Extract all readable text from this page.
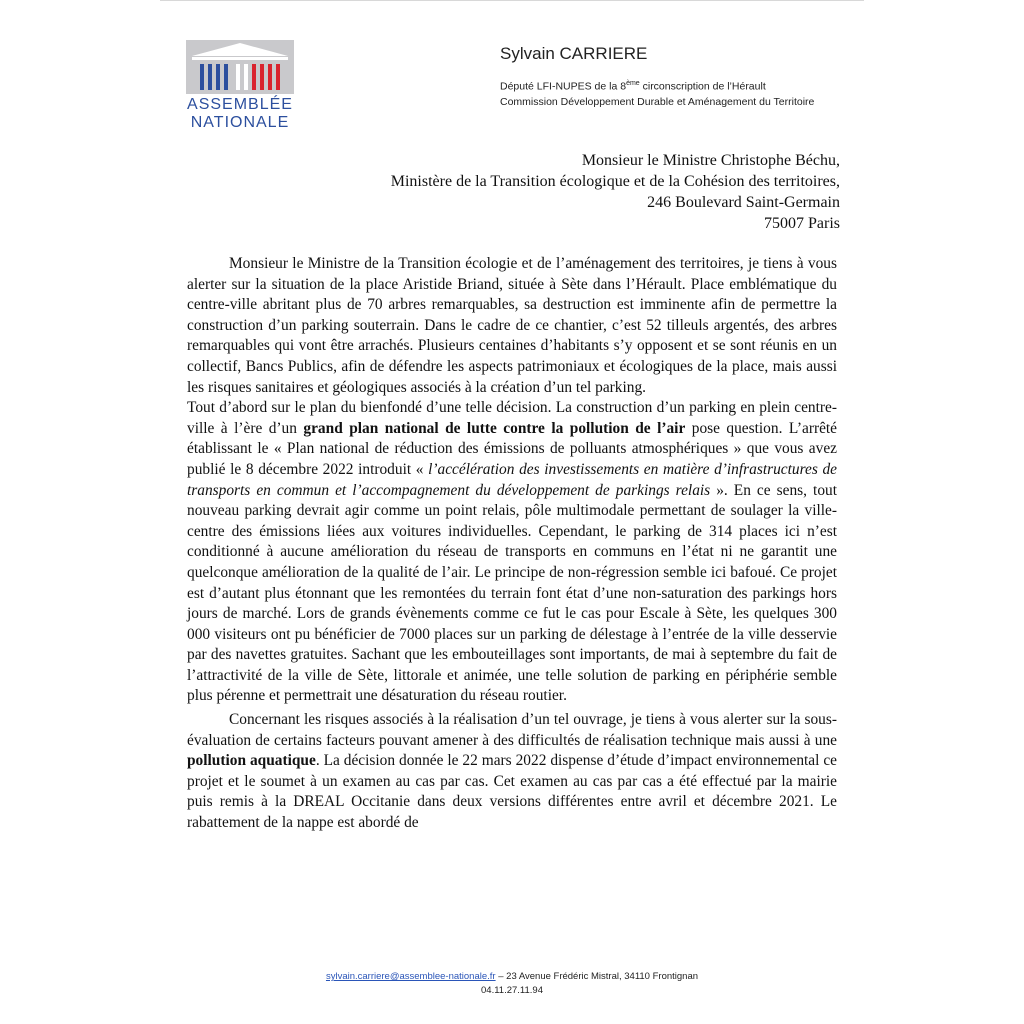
ASSEMBLÉE
NATIONALE
Sylvain CARRIERE
Député LFI-NUPES de la 8ème circonscription de l’Hérault
Commission Développement Durable et Aménagement du Territoire
Monsieur le Ministre Christophe Béchu,
Ministère de la Transition écologique et de la Cohésion des territoires,
246 Boulevard Saint-Germain
75007 Paris

Monsieur le Ministre de la Transition écologie et de l’aménagement des territoires, je tiens à vous alerter sur la situation de la place Aristide Briand, située à Sète dans l’Hérault. Place emblématique du centre-ville abritant plus de 70 arbres remarquables, sa destruction est imminente afin de permettre la construction d’un parking souterrain. Dans le cadre de ce chantier, c’est 52 tilleuls argentés, des arbres remarquables qui vont être arrachés. Plusieurs centaines d’habitants s’y opposent et se sont réunis en un collectif, Bancs Publics, afin de défendre les aspects patrimoniaux et écologiques de la place, mais aussi les risques sanitaires et géologiques associés à la création d’un tel parking.

Tout d’abord sur le plan du bienfondé d’une telle décision. La construction d’un parking en plein centre-ville à l’ère d’un grand plan national de lutte contre la pollution de l’air pose question. L’arrêté établissant le « Plan national de réduction des émissions de polluants atmosphériques » que vous avez publié le 8 décembre 2022 introduit « l’accélération des investissements en matière d’infrastructures de transports en commun et l’accompagnement du développement de parkings relais ». En ce sens, tout nouveau parking devrait agir comme un point relais, pôle multimodale permettant de soulager la ville-centre des émissions liées aux voitures individuelles. Cependant, le parking de 314 places ici n’est conditionné à aucune amélioration du réseau de transports en communs en l’état ni ne garantit une quelconque amélioration de la qualité de l’air. Le principe de non-régression semble ici bafoué. Ce projet est d’autant plus étonnant que les remontées du terrain font état d’une non-saturation des parkings hors jours de marché. Lors de grands évènements comme ce fut le cas pour Escale à Sète, les quelques 300 000 visiteurs ont pu bénéficier de 7000 places sur un parking de délestage à l’entrée de la ville desservie par des navettes gratuites. Sachant que les embouteillages sont importants, de mai à septembre du fait de l’attractivité de la ville de Sète, littorale et animée, une telle solution de parking en périphérie semble plus pérenne et permettrait une désaturation du réseau routier.

Concernant les risques associés à la réalisation d’un tel ouvrage, je tiens à vous alerter sur la sous-évaluation de certains facteurs pouvant amener à des difficultés de réalisation technique mais aussi à une pollution aquatique. La décision donnée le 22 mars 2022 dispense d’étude d’impact environnemental ce projet et le soumet à un examen au cas par cas. Cet examen au cas par cas a été effectué par la mairie puis remis à la DREAL Occitanie dans deux versions différentes entre avril et décembre 2021. Le rabattement de la nappe est abordé de

sylvain.carriere@assemblee-nationale.fr – 23 Avenue Frédéric Mistral, 34110 Frontignan
04.11.27.11.94
